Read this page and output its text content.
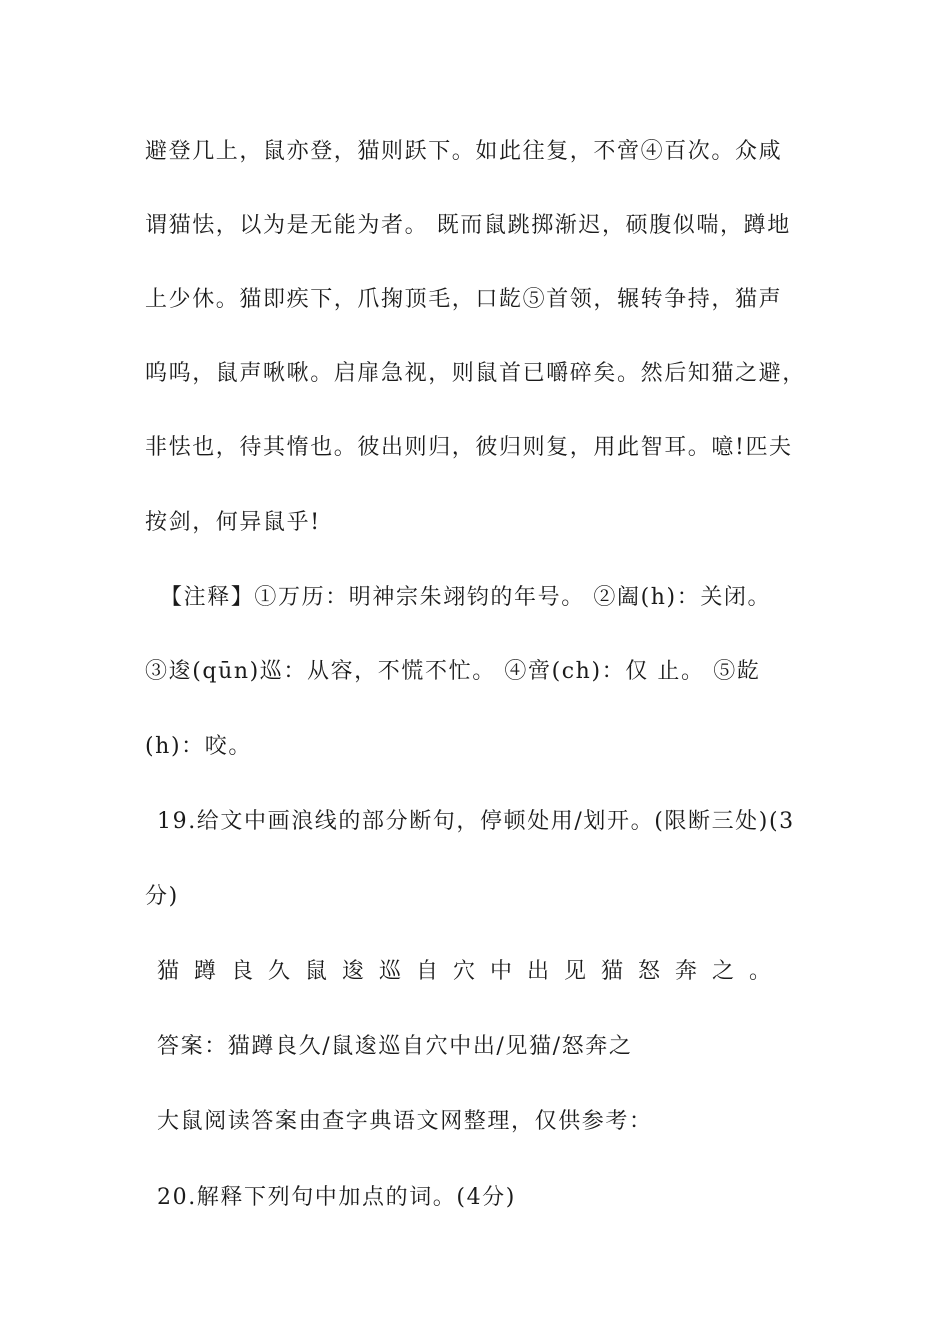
避登几上，鼠亦登，猫则跃下。如此往复，不啻④百次。众咸
谓猫怯，以为是无能为者。 既而鼠跳掷渐迟，硕腹似喘，蹲地
上少休。猫即疾下，爪掬顶毛，口龁⑤首领，辗转争持，猫声
呜呜，鼠声啾啾。启扉急视，则鼠首已嚼碎矣。然后知猫之避，
非怯也，待其惰也。彼出则归，彼归则复，用此智耳。噫!匹夫
按剑，何异鼠乎!
【注释】①万历：明神宗朱翊钧的年号。 ②阖(h)：关闭。
③逡(qūn)巡：从容，不慌不忙。 ④啻(ch)：仅 止。 ⑤龁
(h)：咬。
19.给文中画浪线的部分断句，停顿处用/划开。(限断三处)(3
分)
猫蹲良久鼠逡巡自穴中出见猫怒奔之。
答案：猫蹲良久/鼠逡巡自穴中出/见猫/怒奔之
大鼠阅读答案由查字典语文网整理，仅供参考：
20.解释下列句中加点的词。(4分)
